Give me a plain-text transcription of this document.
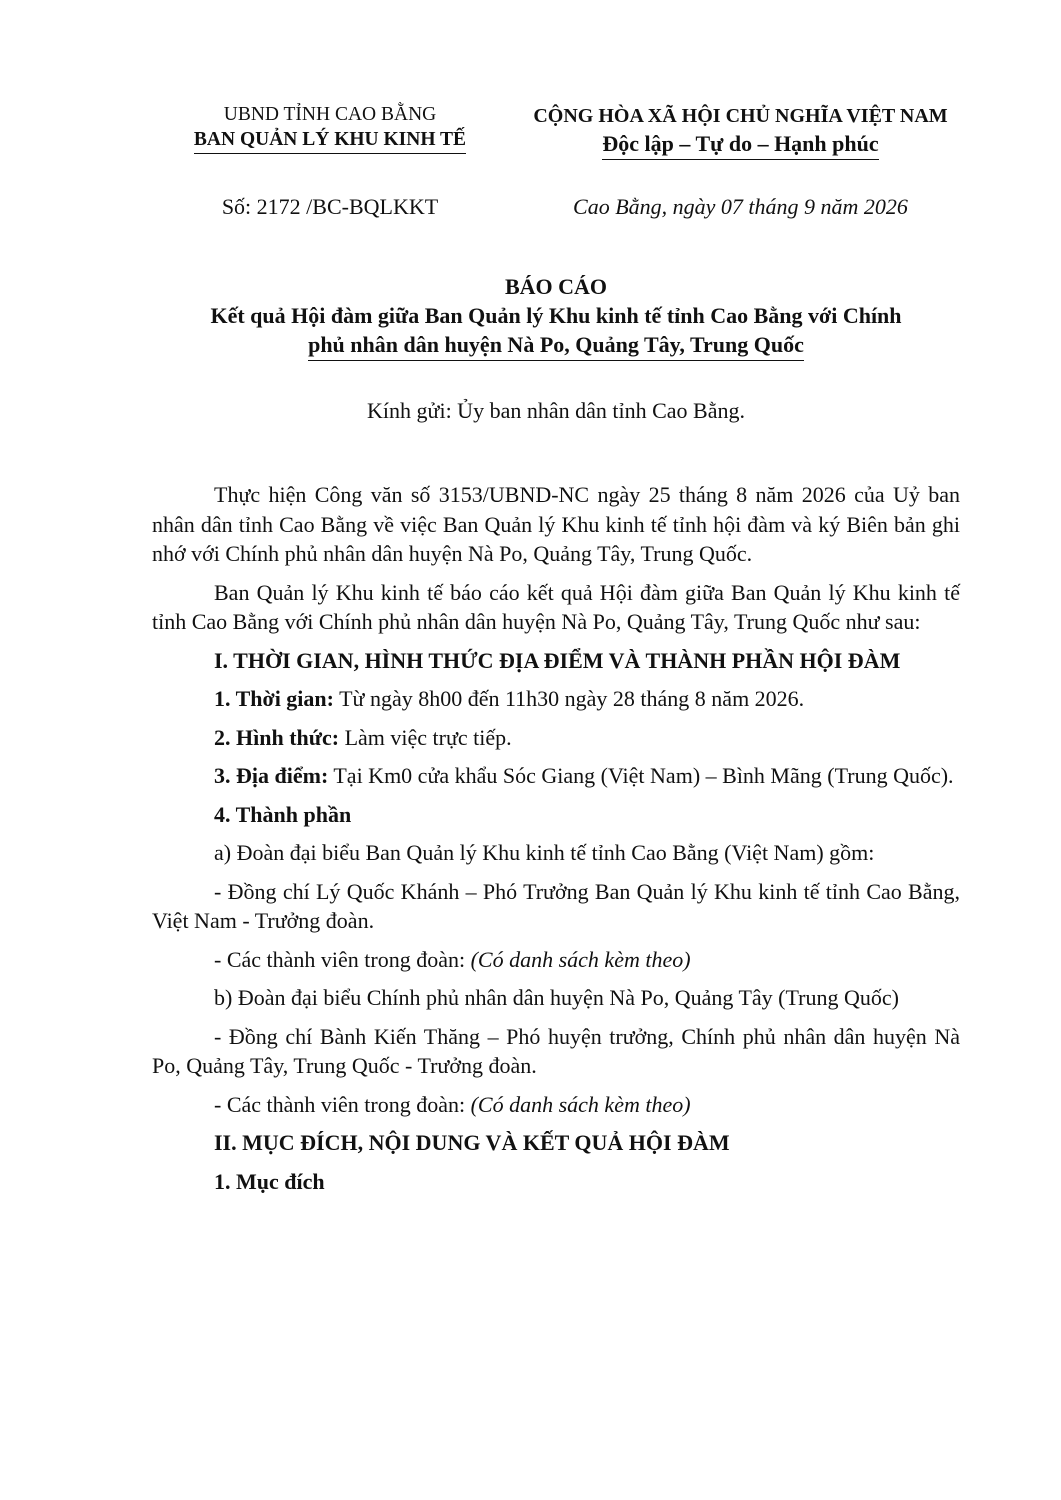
UBND TỈNH CAO BẰNG
BAN QUẢN LÝ KHU KINH TẾ
CỘNG HÒA XÃ HỘI CHỦ NGHĨA VIỆT NAM
Độc lập – Tự do – Hạnh phúc
Số: 2172 /BC-BQLKKT	Cao Bằng, ngày 07 tháng 9 năm 2026
BÁO CÁO
Kết quả Hội đàm giữa Ban Quản lý Khu kinh tế tỉnh Cao Bằng với Chính
phủ nhân dân huyện Nà Po, Quảng Tây, Trung Quốc
Kính gửi: Ủy ban nhân dân tỉnh Cao Bằng.

Thực hiện Công văn số 3153/UBND-NC ngày 25 tháng 8 năm 2026 của Uỷ ban nhân dân tỉnh Cao Bằng về việc Ban Quản lý Khu kinh tế tỉnh hội đàm và ký Biên bản ghi nhớ với Chính phủ nhân dân huyện Nà Po, Quảng Tây, Trung Quốc.

Ban Quản lý Khu kinh tế báo cáo kết quả Hội đàm giữa Ban Quản lý Khu kinh tế tỉnh Cao Bằng với Chính phủ nhân dân huyện Nà Po, Quảng Tây, Trung Quốc như sau:

I. THỜI GIAN, HÌNH THỨC ĐỊA ĐIỂM VÀ THÀNH PHẦN HỘI ĐÀM

1. Thời gian: Từ ngày 8h00 đến 11h30 ngày 28 tháng 8 năm 2026.

2. Hình thức: Làm việc trực tiếp.

3. Địa điểm: Tại Km0 cửa khẩu Sóc Giang (Việt Nam) – Bình Mãng (Trung Quốc).

4. Thành phần

a) Đoàn đại biểu Ban Quản lý Khu kinh tế tỉnh Cao Bằng (Việt Nam) gồm:

- Đồng chí Lý Quốc Khánh – Phó Trưởng Ban Quản lý Khu kinh tế tỉnh Cao Bằng, Việt Nam - Trưởng đoàn.

- Các thành viên trong đoàn: (Có danh sách kèm theo)

b) Đoàn đại biểu Chính phủ nhân dân huyện Nà Po, Quảng Tây (Trung Quốc)

- Đồng chí Bành Kiến Thăng – Phó huyện trưởng, Chính phủ nhân dân huyện Nà Po, Quảng Tây, Trung Quốc - Trưởng đoàn.

- Các thành viên trong đoàn: (Có danh sách kèm theo)

II. MỤC ĐÍCH, NỘI DUNG VÀ KẾT QUẢ HỘI ĐÀM

1. Mục đích
